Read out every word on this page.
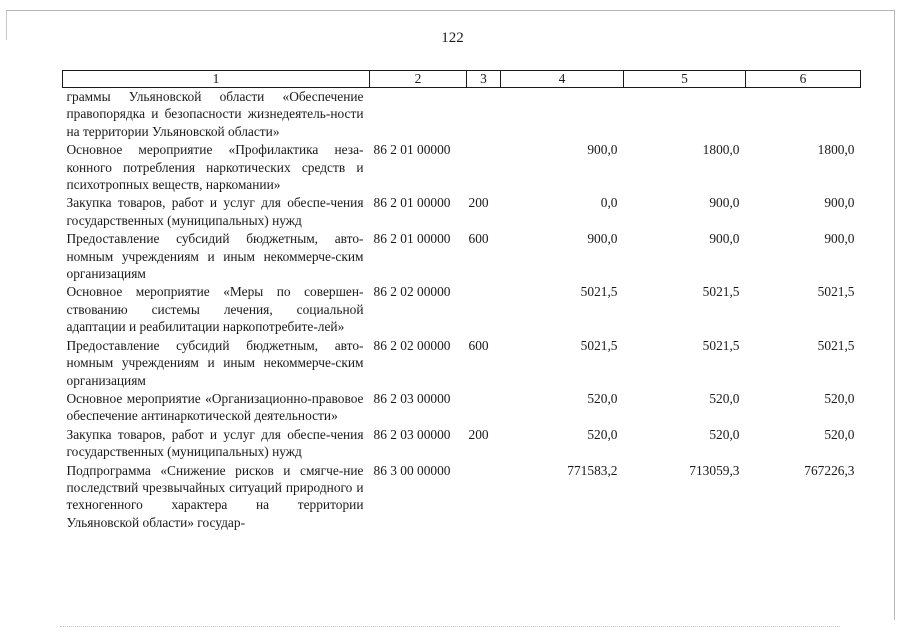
122
1	2	3	4	5	6
граммы Ульяновской области «Обеспечение правопорядка и безопасности жизнедеятель-ности на территории Ульяновской области»					
Основное мероприятие «Профилактика неза-конного потребления наркотических средств и психотропных веществ, наркомании»	86 2 01 00000		900,0	1800,0	1800,0
Закупка товаров, работ и услуг для обеспе-чения государственных (муниципальных) нужд	86 2 01 00000	200	0,0	900,0	900,0
Предоставление субсидий бюджетным, авто-номным учреждениям и иным некоммерче-ским организациям	86 2 01 00000	600	900,0	900,0	900,0
Основное мероприятие «Меры по совершен-ствованию системы лечения, социальной адаптации и реабилитации наркопотребите-лей»	86 2 02 00000		5021,5	5021,5	5021,5
Предоставление субсидий бюджетным, авто-номным учреждениям и иным некоммерче-ским организациям	86 2 02 00000	600	5021,5	5021,5	5021,5
Основное мероприятие «Организационно-правовое обеспечение антинаркотической деятельности»	86 2 03 00000		520,0	520,0	520,0
Закупка товаров, работ и услуг для обеспе-чения государственных (муниципальных) нужд	86 2 03 00000	200	520,0	520,0	520,0
Подпрограмма «Снижение рисков и смягче-ние последствий чрезвычайных ситуаций природного и техногенного характера на территории Ульяновской области» государ-	86 3 00 00000		771583,2	713059,3	767226,3
